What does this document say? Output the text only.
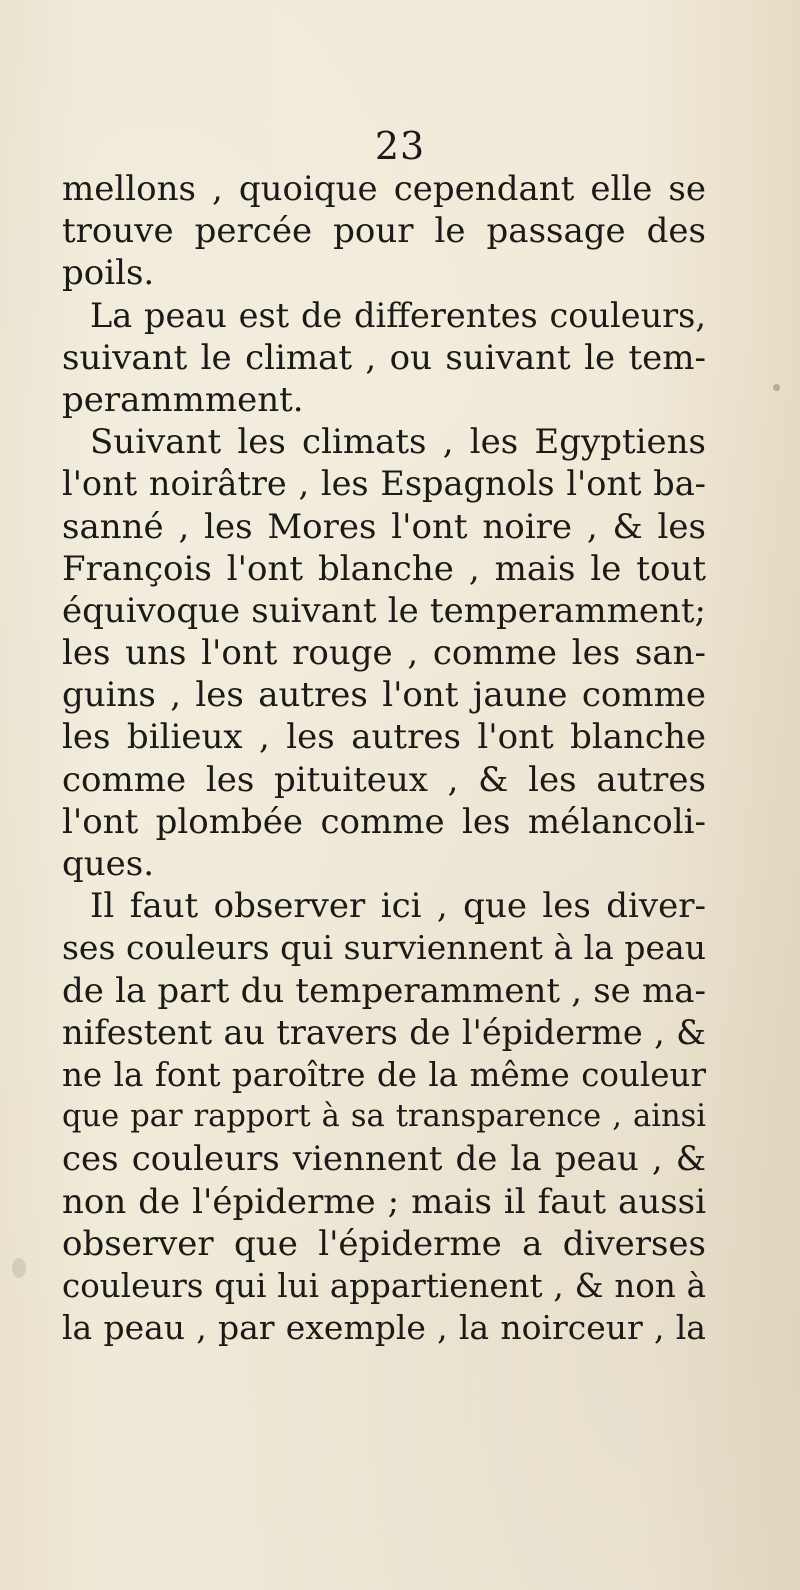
23
mellons , quoique cependant elle se
trouve percée pour le passage des
poils.
La peau est de differentes couleurs,
suivant le climat , ou suivant le tem-
perammment.
Suivant les climats , les Egyptiens
l'ont noirâtre , les Espagnols l'ont ba-
sanné , les Mores l'ont noire , & les
François l'ont blanche , mais le tout
équivoque suivant le temperamment;
les uns l'ont rouge , comme les san-
guins , les autres l'ont jaune comme
les bilieux , les autres l'ont blanche
comme les pituiteux , & les autres
l'ont plombée comme les mélancoli-
ques.
Il faut observer ici , que les diver-
ses couleurs qui surviennent à la peau
de la part du temperamment , se ma-
nifestent au travers de l'épiderme , &
ne la font paroître de la même couleur
que par rapport à sa transparence , ainsi
ces couleurs viennent de la peau , &
non de l'épiderme ; mais il faut aussi
observer que l'épiderme a diverses
couleurs qui lui appartienent , & non à
la peau , par exemple , la noirceur , la
